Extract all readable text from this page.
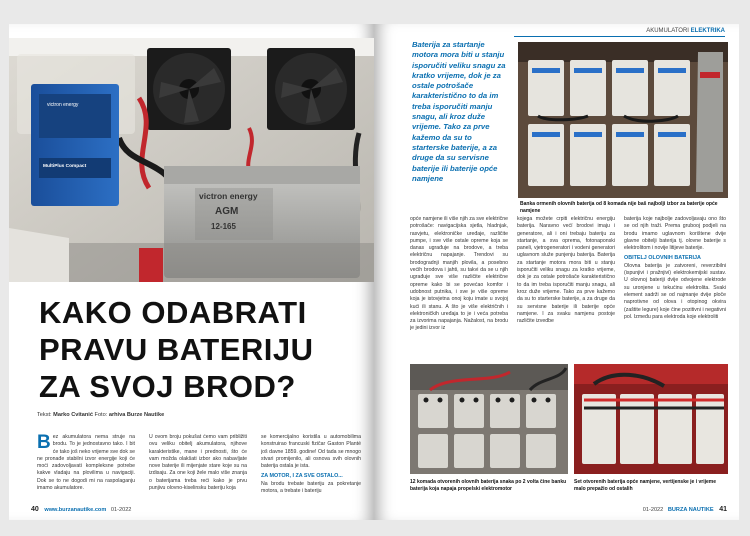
victron energy
MultiPlus Compact
victron energy
AGM
12-165
KAKO ODABRATI
PRAVU BATERIJU
ZA SVOJ BROD?
Tekst: Marko Cvitanić Foto: arhiva Burze Nautike
B ez akumulatora nema struje na brodu. To je jednostavno tako. I bit će tako još neko vrijeme sve dok se ne pronađe stabilni izvor energije koji će moći zadovoljavati kompleksne potrebe kakve vladaju na plovilima u navigaciji. Dok se to ne dogodi mi na raspolaganju imamo akumulatore.
U ovom broju pokušat ćemo vam približiti ovu veliku obitelj akumulatora, njihove karakteristike, mane i prednosti, što će vam možda olakšati izbor ako nabavljate nove baterije ili mijenjate stare koje su na izdisaju. Za one koji žele malo više znanja o baterijama treba reći kako je prvu punjivu olovno-kiselinsku bateriju koja
se komercijalno koristila u automobilima konstruirao francuski fizičar Gaston Planté još davne 1859. godine! Od tada se mnogo stvari promijenilo, ali osnova svih olovnih baterija ostala je ista.
ZA MOTOR, I ZA SVE OSTALO...
Na brodu trebate bateriju za pokretanje motora, a trebate i bateriju
40 www.burzanautike.com 01-2022
AKUMULATORI ELEKTRIKA
Baterija za startanje motora mora biti u stanju isporučiti veliku snagu za kratko vrijeme, dok je za ostale potrošače karakteristično to da im treba isporučiti manju snagu, ali kroz duže vrijeme. Tako za prve kažemo da su to starterske baterije, a za druge da su servisne baterije ili baterije opće namjene
Banka ormenih olovnih baterija od 8 komada nije baš najbolji izbor za baterije opće namjene
opće namjene ili više njih za sve električne potrošače: navigacijska sjetla, hladnjak, rasvjetu, elektroničke uređaje, različite pumpe, i sve više ostale opreme koja se danas ugrađuje na brodove, a treba električnu napajanje. Trendovi su brodogradnji manjih plovila, a posebno većih brodova i jahti, su takvi da se u njih ugrađuje sve više različite električne opreme kako bi se povećao komfor i udobnost putnika, i sve je više opreme koja je istovjetna onoj koju imate u svojoj kući ili stanu. A što je više električnih i elektroničkih uređaja to je i veća potreba za izvorima napajanja. Nažalost, na brodu je jedini izvor iz
kojega možete crpiti električnu energiju baterija. Naravno većí brodovi imaju i generatore, ali i oni trebaju bateriju za startanje, a sva oprema, fotonaponski paneli, vjetrogeneratori i vodeni generatori uglavnom služe punjenju baterija. Baterija za startanje motora mora biti u stanju isporučiti veliku snagu za kratko vrijeme, dok je za ostale potrošače karakteristično to da im treba isporučiti manju snagu, ali kroz duže vrijeme. Tako za prve kažemo da su to starterske baterije, a za druge da su servisne baterije ili baterije opće namjene. I za svaku namjenu postoje različite izvedbe
baterija koje najbolje zadovoljavaju ono što se od njih traži. Prema grubooj podjeli na brodu imamo uglavnom korištene dvije glavne obitelji baterija tj. olovne baterije s elektrolitom i novije litijeve baterije.
OBITELJ OLOVNIH BATERIJA
Olovna baterija je zatvoreni, reverzibilni (ispunjivi i pražnjivi) elektrokemijski sustav. U olovnoj bateriji dvije odvojene elektrode su uronjene u tekućinu elektrolita. Svaki element sadrži se od najmanje dvije ploče naprotivne od olova i otopinog okvira (zaštite legure) koje čine pozitivni i negativni pol. Između para elektroda koje elektroliti
12 komada otvorenih olovnih baterija snaka po 2 volta čine banku baterija koja napaja propelski elektromotor
Set otvorenih baterija opće namjene, vertijenske je i vrijeme malo prepažio od ostalih
01-2022 BURZA NAUTIKE 41
